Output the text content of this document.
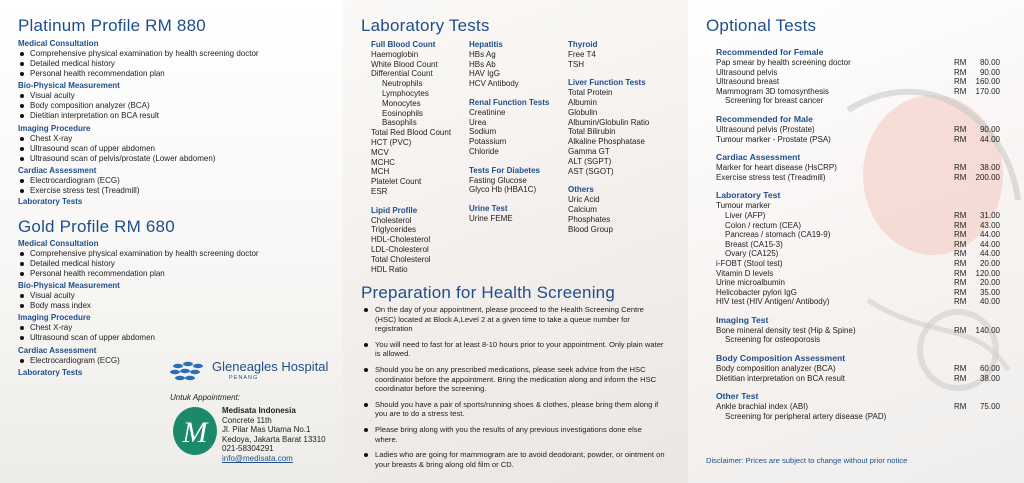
Platinum Profile RM 880
Medical Consultation
Comprehensive physical examination by health screening doctor
Detailed medical history
Personal health recommendation plan
Bio-Physical Measurement
Visual acuity
Body composition analyzer (BCA)
Dietitian interpretation on BCA result
Imaging Procedure
Chest X-ray
Ultrasound scan of upper abdomen
Ultrasound scan of pelvis/prostate (Lower abdomen)
Cardiac Assessment
Electrocardiogram (ECG)
Exercise stress test (Treadmill)
Laboratory Tests
Gold Profile RM 680
Medical Consultation
Comprehensive physical examination by health screening doctor
Detailed medical history
Personal health recommendation plan
Bio-Physical Measurement
Visual acuity
Body mass index
Imaging Procedure
Chest X-ray
Ultrasound scan of upper abdomen
Cardiac Assessment
Electrocardiogram (ECG)
Laboratory Tests	Gleneagles Hospital
PENANG
Untuk Appointment:
M
Medisata Indonesia
Concrete 11th
Jl. Pilar Mas Utama No.1
Kedoya, Jakarta Barat 13310
021-58304291
info@medisata.com
Laboratory Tests
Full Blood Count
Haemoglobin
White Blood Count
Differential Count
Neutrophils
Lymphocytes
Monocytes
Eosinophils
Basophils
Total Red Blood Count
HCT (PVC)
MCV
MCHC
MCH
Platelet Count
ESR
Lipid Profile
Cholesterol
Triglycerides
HDL-Cholesterol
LDL-Cholesterol
Total Cholesterol
HDL Ratio
Hepatitis
HBs Ag
HBs Ab
HAV IgG
HCV Antibody
Renal Function Tests
Creatinine
Urea
Sodium
Potassium
Chloride
Tests For Diabetes
Fasting Glucose
Glyco Hb (HBA1C)
Urine Test
Urine FEME
Thyroid
Free T4
TSH
Liver Function Tests
Total Protein
Albumin
Globulin
Albumin/Globulin Ratio
Total Bilirubin
Alkaline Phosphatase
Gamma GT
ALT (SGPT)
AST (SGOT)
Others
Uric Acid
Calcium
Phosphates
Blood Group
Preparation for Health Screening
On the day of your appointment, please proceed to the Health Screening Centre (HSC) located at Block A,Level 2 at a given time to take a queue number for registration
You will need to fast for at least 8-10 hours prior to your appointment. Only plain water is allowed.
Should you be on any prescribed medications, please seek advice from the HSC coordinator before the appointment. Bring the medication along and inform the HSC coordinator before the screening.
Should you have a pair of sports/running shoes & clothes, please bring them along if you are to do a stress test.
Please bring along with you the results of any previous investigations done else where.
Ladies who are going for mammogram are to avoid deodorant, powder, or ointment on your breasts & bring along old film or CD.
Optional Tests
Recommended for Female
Pap smear by health screening doctor	RM	80.00
Ultrasound pelvis	RM	90.00
Ultrasound breast	RM	160.00
Mammogram 3D tomosynthesis	RM	170.00
Screening for breast cancer
Recommended for Male
Ultrasound pelvis (Prostate)	RM	90.00
Tumour marker - Prostate (PSA)	RM	44.00
Cardiac Assessment
Marker for heart disease (HsCRP)	RM	38.00
Exercise stress test (Treadmill)	RM	200.00
Laboratory Test
Tumour marker
Liver (AFP)	RM	31.00
Colon / rectum (CEA)	RM	43.00
Pancreas / stomach (CA19-9)	RM	44.00
Breast (CA15-3)	RM	44.00
Ovary (CA125)	RM	44.00
i-FOBT (Stool test)	RM	20.00
Vitamin D levels	RM	120.00
Urine microalbumin	RM	20.00
Helicobacter pylori IgG	RM	35.00
HIV test (HIV Antigen/ Antibody)	RM	40.00
Imaging Test
Bone mineral density test (Hip & Spine)	RM	140.00
Screening for osteoporosis
Body Composition Assessment
Body composition analyzer (BCA)	RM	60.00
Dietitian interpretation on BCA result	RM	38.00
Other Test
Ankle brachial index (ABI)	RM	75.00
Screening for peripheral artery disease (PAD)
Disclaimer: Prices are subject to change without prior notice
